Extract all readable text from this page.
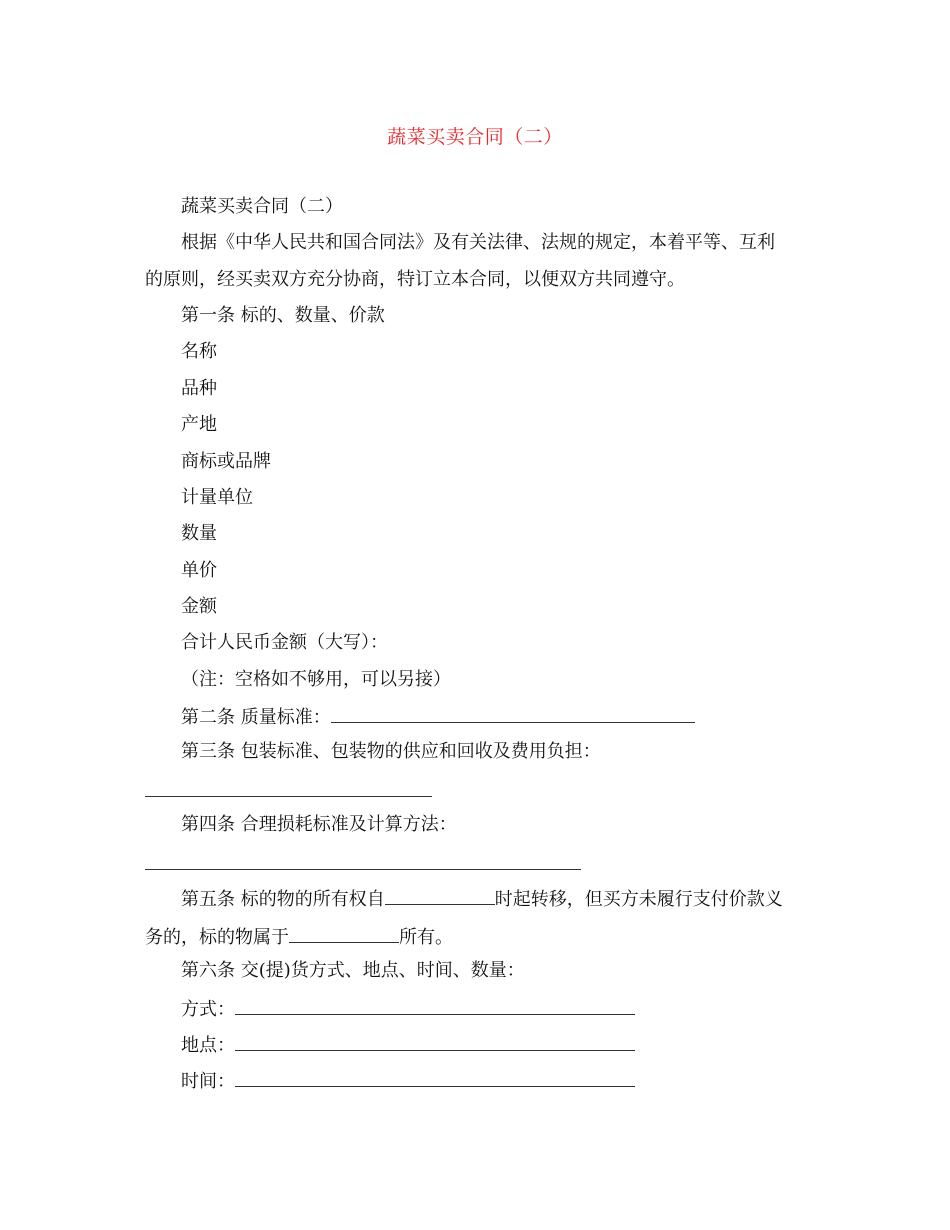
蔬菜买卖合同（二）
蔬菜买卖合同（二）
根据《中华人民共和国合同法》及有关法律、法规的规定，本着平等、互利
的原则，经买卖双方充分协商，特订立本合同，以便双方共同遵守。
第一条 标的、数量、价款
名称
品种
产地
商标或品牌
计量单位
数量
单价
金额
合计人民币金额（大写）：
（注：空格如不够用，可以另接）
第二条 质量标准：
第三条 包装标准、包装物的供应和回收及费用负担：
第四条 合理损耗标准及计算方法：
第五条 标的物的所有权自	时起转移，但买方未履行支付价款义
务的，标的物属于	所有。
第六条 交(提)货方式、地点、时间、数量：
方式：
地点：
时间：
